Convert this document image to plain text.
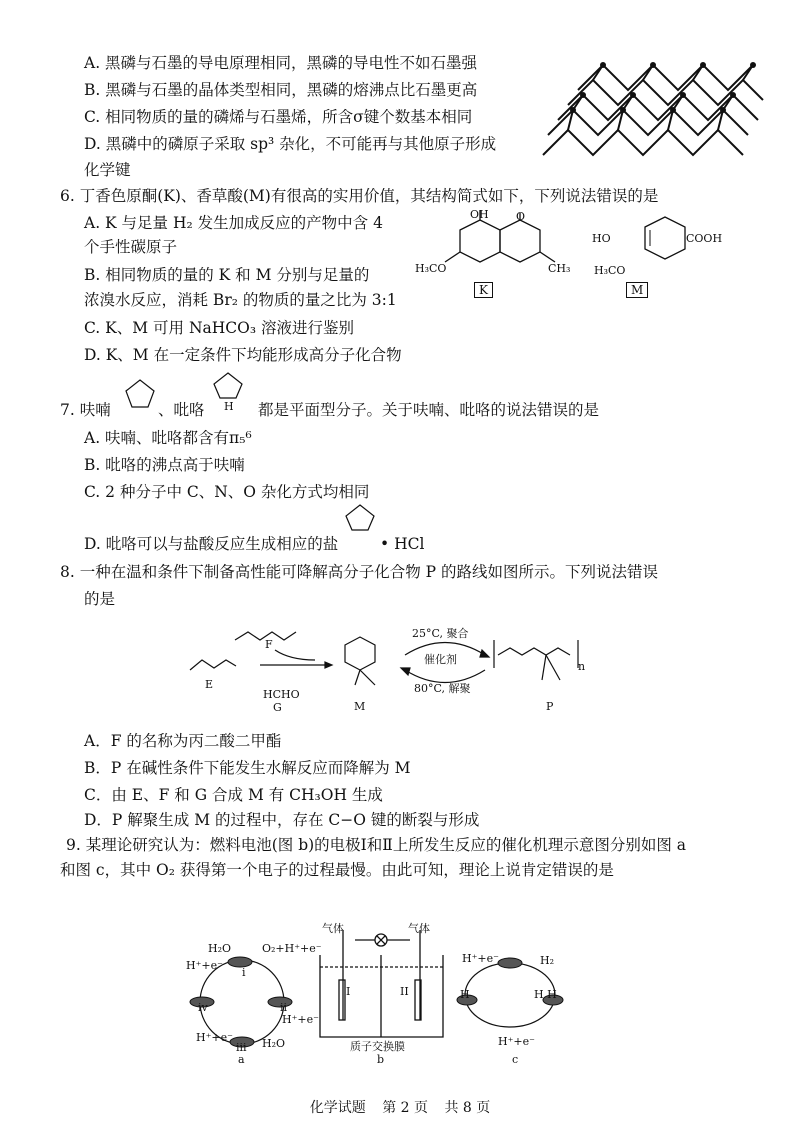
A. 黑磷与石墨的导电原理相同，黑磷的导电性不如石墨强
B. 黑磷与石墨的晶体类型相同，黑磷的熔沸点比石墨更高
C. 相同物质的量的磷烯与石墨烯，所含σ键个数基本相同
D. 黑磷中的磷原子采取 sp³ 杂化，不可能再与其他原子形成
化学键
6. 丁香色原酮(K)、香草酸(M)有很高的实用价值，其结构简式如下，下列说法错误的是
A. K 与足量 H₂ 发生加成反应的产物中含 4
个手性碳原子
B. 相同物质的量的 K 和 M 分别与足量的
浓溴水反应，消耗 Br₂ 的物质的量之比为 3:1
C. K、M 可用 NaHCO₃ 溶液进行鉴别
D. K、M 在一定条件下均能形成高分子化合物
OH O
H₃CO	CH₃
K
HO	COOH
H₃CO
M
7. 呋喃	、吡咯 H 都是平面型分子。关于呋喃、吡咯的说法错误的是
A. 呋喃、吡咯都含有π₅⁶
B. 吡咯的沸点高于呋喃
C. 2 种分子中 C、N、O 杂化方式均相同
D. 吡咯可以与盐酸反应生成相应的盐	• HCl
8. 一种在温和条件下制备高性能可降解高分子化合物 P 的路线如图所示。下列说法错误
的是
E
F
HCHO
G	M
25°C, 聚合
催化剂
80°C, 解聚
n
P
A．F 的名称为丙二酸二甲酯
B．P 在碱性条件下能发生水解反应而降解为 M
C．由 E、F 和 G 合成 M 有 CH₃OH 生成
D．P 解聚生成 M 的过程中，存在 C−O 键的断裂与形成
9. 某理论研究认为：燃料电池(图 b)的电极Ⅰ和Ⅱ上所发生反应的催化机理示意图分别如图 a
和图 c，其中 O₂ 获得第一个电子的过程最慢。由此可知，理论上说肯定错误的是
H₂O	O₂+H⁺+e⁻
H⁺+e⁻
H⁺+e⁻
H⁺+e⁻	H₂O
i
ii
iii
iv
a
气体	气体
I	II
质子交换膜
b
H⁺+e⁻	H₂
H	H H
H⁺+e⁻
c
化学试题 第 2 页 共 8 页
